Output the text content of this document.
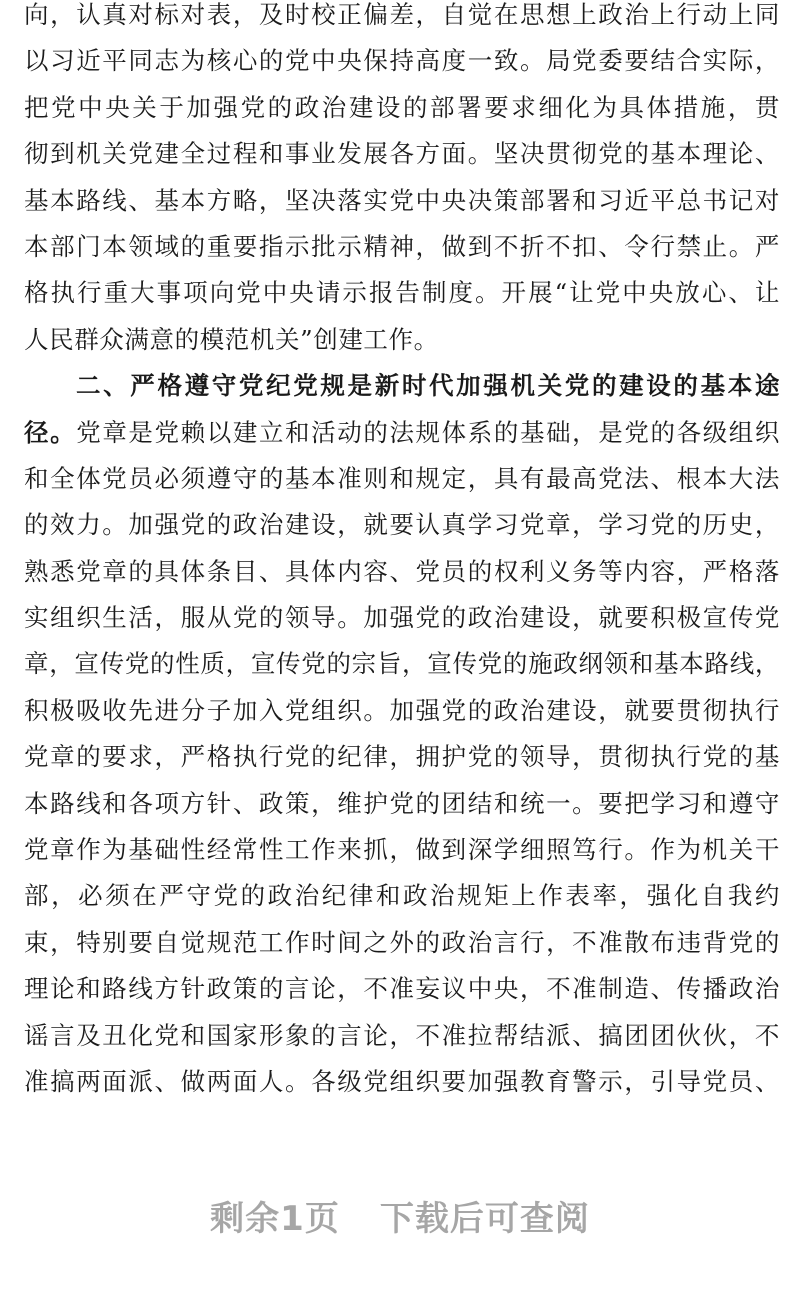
向，认真对标对表，及时校正偏差，自觉在思想上政治上行动上同
以习近平同志为核心的党中央保持高度一致。局党委要结合实际，
把党中央关于加强党的政治建设的部署要求细化为具体措施，贯
彻到机关党建全过程和事业发展各方面。坚决贯彻党的基本理论、
基本路线、基本方略，坚决落实党中央决策部署和习近平总书记对
本部门本领域的重要指示批示精神，做到不折不扣、令行禁止。严
格执行重大事项向党中央请示报告制度。开展“让党中央放心、让
人民群众满意的模范机关”创建工作。
二、严格遵守党纪党规是新时代加强机关党的建设的基本途
径。党章是党赖以建立和活动的法规体系的基础，是党的各级组织
和全体党员必须遵守的基本准则和规定，具有最高党法、根本大法
的效力。加强党的政治建设，就要认真学习党章，学习党的历史，
熟悉党章的具体条目、具体内容、党员的权利义务等内容，严格落
实组织生活，服从党的领导。加强党的政治建设，就要积极宣传党
章，宣传党的性质，宣传党的宗旨，宣传党的施政纲领和基本路线，
积极吸收先进分子加入党组织。加强党的政治建设，就要贯彻执行
党章的要求，严格执行党的纪律，拥护党的领导，贯彻执行党的基
本路线和各项方针、政策，维护党的团结和统一。要把学习和遵守
党章作为基础性经常性工作来抓，做到深学细照笃行。作为机关干
部，必须在严守党的政治纪律和政治规矩上作表率，强化自我约
束，特别要自觉规范工作时间之外的政治言行，不准散布违背党的
理论和路线方针政策的言论，不准妄议中央，不准制造、传播政治
谣言及丑化党和国家形象的言论，不准拉帮结派、搞团团伙伙，不
准搞两面派、做两面人。各级党组织要加强教育警示，引导党员、
剩余1页 下载后可查阅
